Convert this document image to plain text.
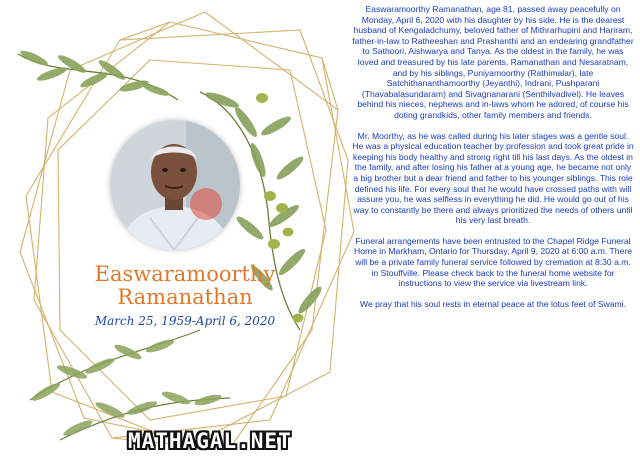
Easwaramoorthy
Ramanathan
March 25, 1959-April 6, 2020

Easwaramoorthy Ramanathan, age 81, passed away peacefully on Monday, April 6, 2020 with his daughter by his side. He is the dearest husband of Kengaladchumy, beloved father of Mithrarhupini and Hariram, father-in-law to Ratheeshan and Prashanthi and an endearing grandfather to Sathoori, Aishwarya and Tanya. As the oldest in the family, he was loved and treasured by his late parents, Ramanathan and Nesaratnam, and by his siblings, Puniyamoorthy (Rathimalar), late Satchithananthamoorthy (Jeyanthi), Indrani, Pushparani (Thavabalasundaram) and Sivagnanarani (Senthilvadivel). He leaves behind his nieces, nephews and in-laws whom he adored, of course his doting grandkids, other family members and friends.

Mr. Moorthy, as he was called during his later stages was a gentle soul. He was a physical education teacher by profession and took great pride in keeping his body healthy and strong right till his last days. As the oldest in the family, and after losing his father at a young age, he became not only a big brother but a dear friend and father to his younger siblings. This role defined his life. For every soul that he would have crossed paths with will assure you, he was selfless in everything he did. He would go out of his way to constantly be there and always prioritized the needs of others until his very last breath.

Funeral arrangements have been entrusted to the Chapel Ridge Funeral Home in Markham, Ontario for Thursday, April 9, 2020 at 6:00 a.m. There will be a private family funeral service followed by cremation at 8:30 a.m. in Stouffville. Please check back to the funeral home website for instructions to view the service via livestream link.

We pray that his soul rests in eternal peace at the lotus feet of Swami.

MATHAGAL.NET
